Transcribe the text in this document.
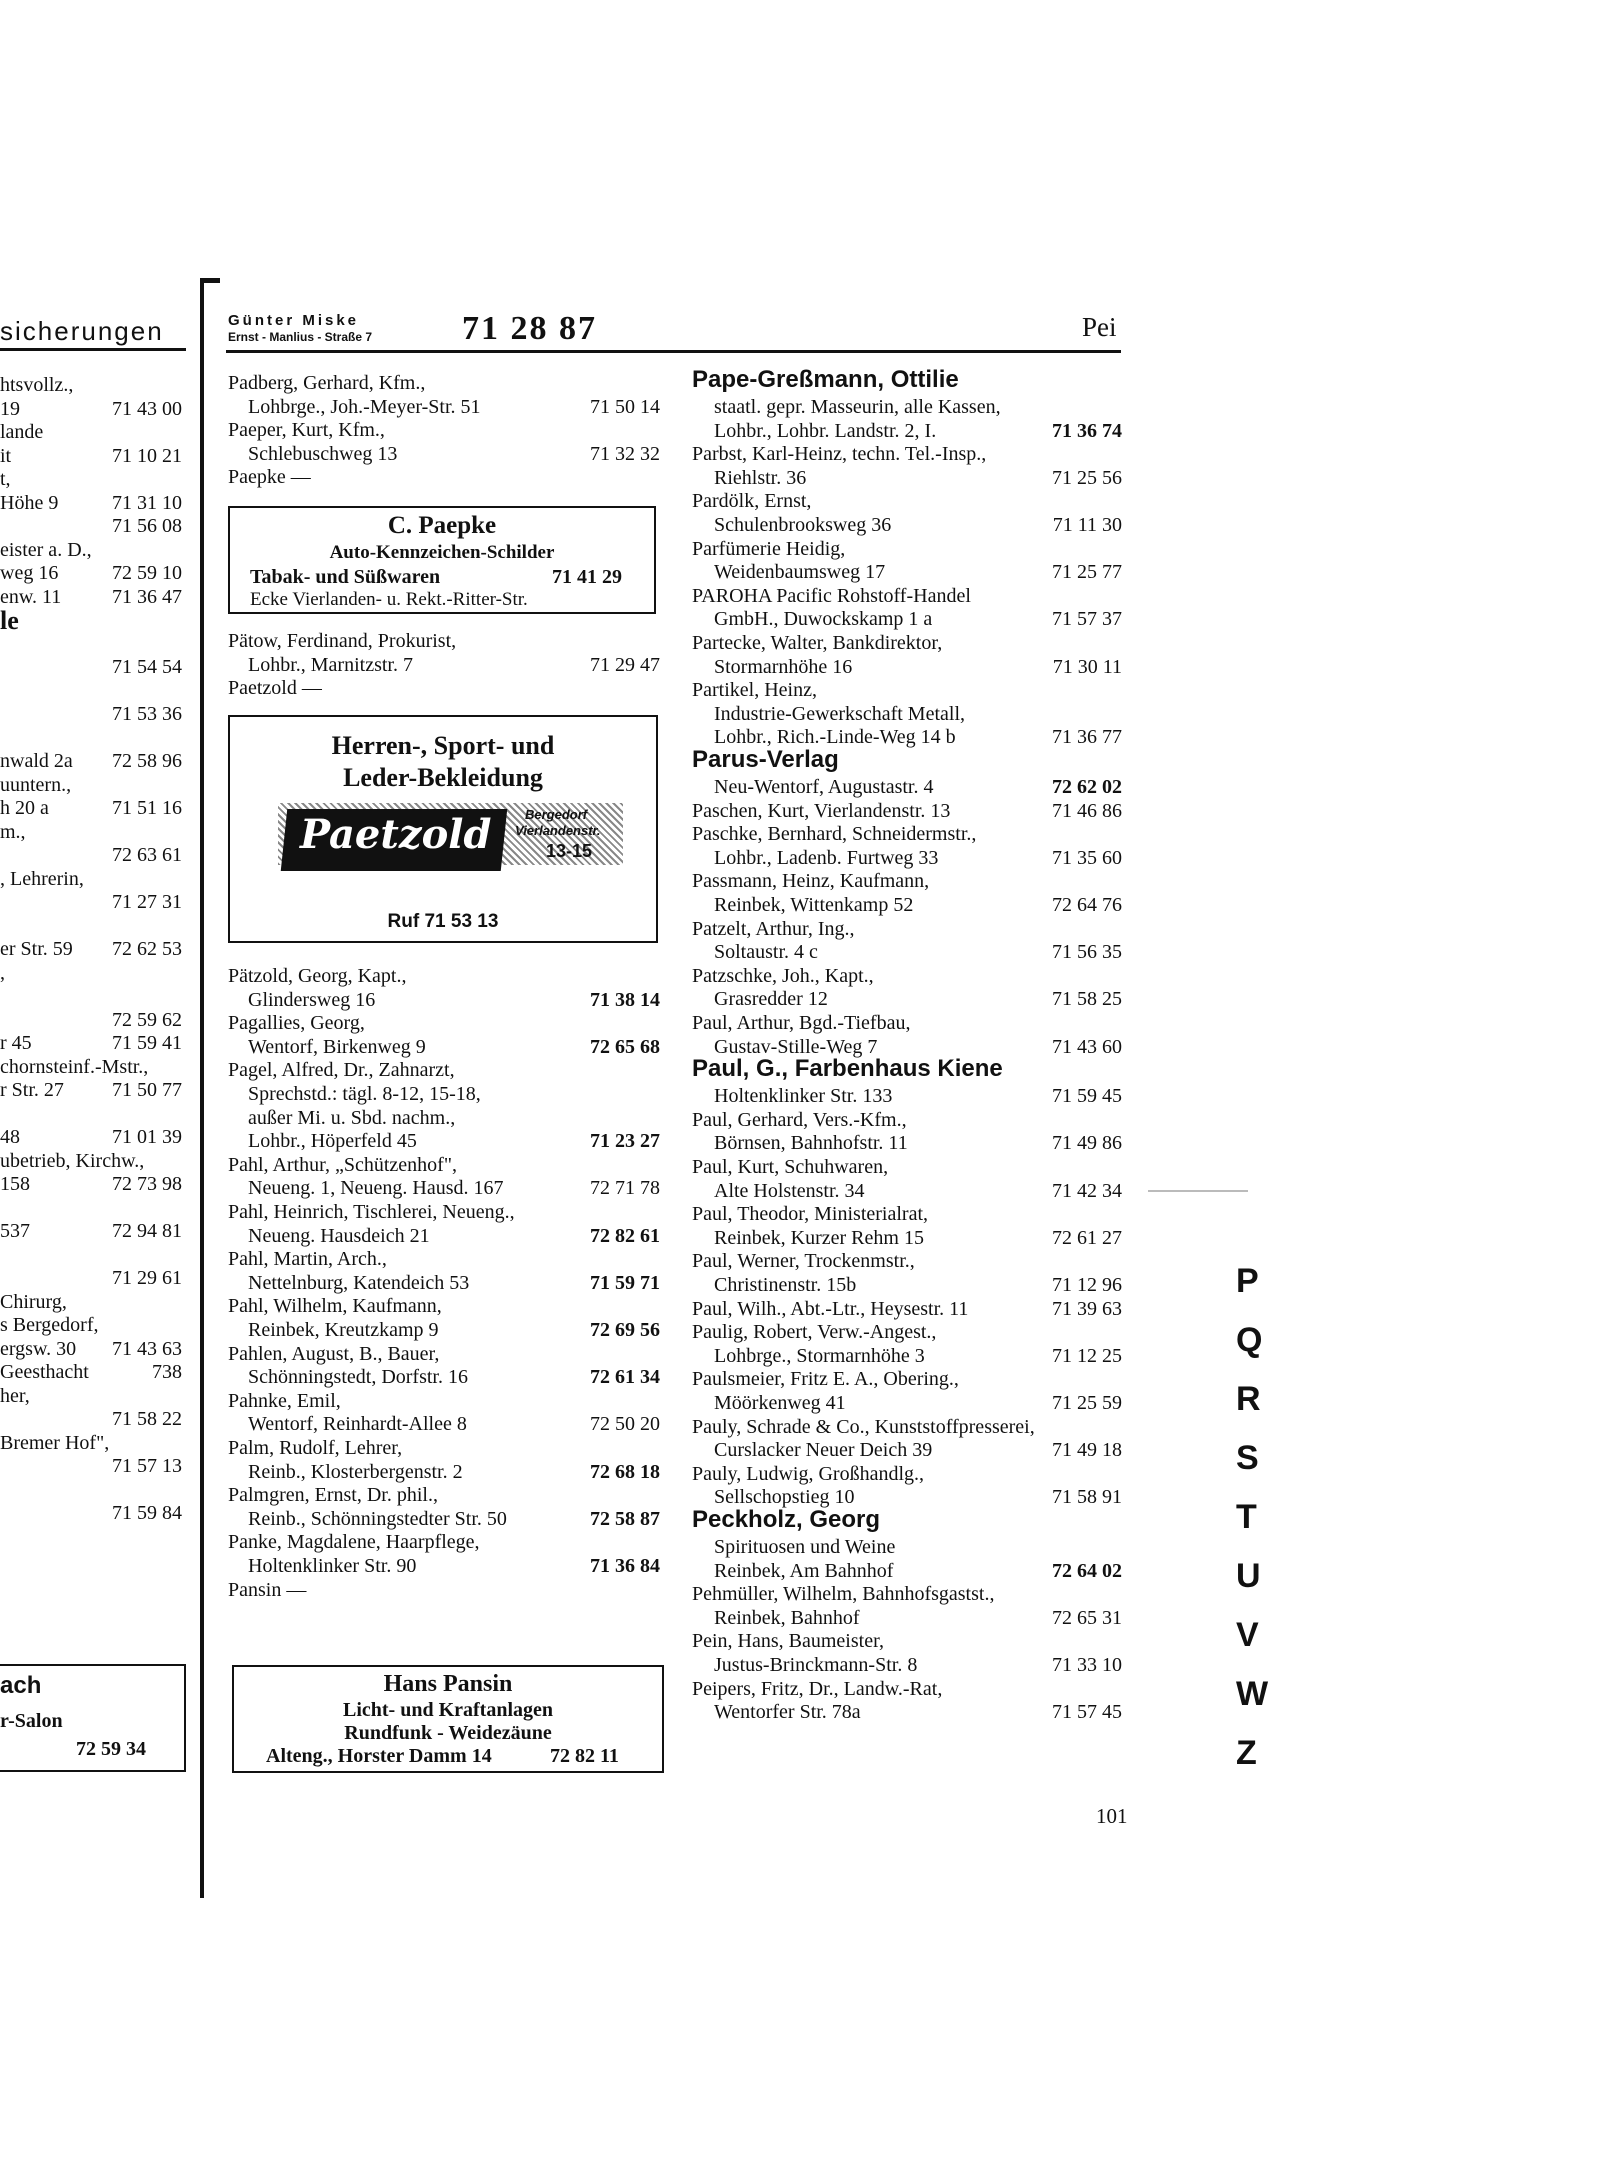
sicherungen	Günter Miske
Ernst - Manlius - Straße 7	71 28 87	Pei
htsvollz.,
19	71 43 00
lande
it	71 10 21
t,
Höhe 9	71 31 10
71 56 08
eister a. D.,
weg 16	72 59 10
enw. 11	71 36 47
le
71 54 54
71 53 36
nwald 2a	72 58 96
uuntern.,
h 20 a	71 51 16
m.,
72 63 61
, Lehrerin,
71 27 31
er Str. 59	72 62 53
,
72 59 62
r 45	71 59 41
chornsteinf.-Mstr.,
r Str. 27	71 50 77
48	71 01 39
ubetrieb, Kirchw.,
158	72 73 98
537	72 94 81
71 29 61
Chirurg,
s Bergedorf,
ergsw. 30	71 43 63
Geesthacht	738
her,
71 58 22
Bremer Hof",
71 57 13
71 59 84
ach
r-Salon
72 59 34
Padberg, Gerhard, Kfm.,
Lohbrge., Joh.-Meyer-Str. 51	71 50 14
Paeper, Kurt, Kfm.,
Schlebuschweg 13	71 32 32
Paepke —
C. Paepke
Auto-Kennzeichen-Schilder
Tabak- und Süßwaren	71 41 29
Ecke Vierlanden- u. Rekt.-Ritter-Str.
Pätow, Ferdinand, Prokurist,
Lohbr., Marnitzstr. 7	71 29 47
Paetzold —
Herren-, Sport- und
Leder-Bekleidung
Paetzold	Bergedorf
Vierlandenstr.
13-15
Ruf 71 53 13
Pätzold, Georg, Kapt.,
Glindersweg 16	71 38 14
Pagallies, Georg,
Wentorf, Birkenweg 9	72 65 68
Pagel, Alfred, Dr., Zahnarzt,
Sprechstd.: tägl. 8-12, 15-18,
außer Mi. u. Sbd. nachm.,
Lohbr., Höperfeld 45	71 23 27
Pahl, Arthur, „Schützenhof",
Neueng. 1, Neueng. Hausd. 167	72 71 78
Pahl, Heinrich, Tischlerei, Neueng.,
Neueng. Hausdeich 21	72 82 61
Pahl, Martin, Arch.,
Nettelnburg, Katendeich 53	71 59 71
Pahl, Wilhelm, Kaufmann,
Reinbek, Kreutzkamp 9	72 69 56
Pahlen, August, B., Bauer,
Schönningstedt, Dorfstr. 16	72 61 34
Pahnke, Emil,
Wentorf, Reinhardt-Allee 8	72 50 20
Palm, Rudolf, Lehrer,
Reinb., Klosterbergenstr. 2	72 68 18
Palmgren, Ernst, Dr. phil.,
Reinb., Schönningstedter Str. 50	72 58 87
Panke, Magdalene, Haarpflege,
Holtenklinker Str. 90	71 36 84
Pansin —
Hans Pansin
Licht- und Kraftanlagen
Rundfunk - Weidezäune
Alteng., Horster Damm 14	72 82 11
Pape-Greßmann, Ottilie
staatl. gepr. Masseurin, alle Kassen,
Lohbr., Lohbr. Landstr. 2, I.	71 36 74
Parbst, Karl-Heinz, techn. Tel.-Insp.,
Riehlstr. 36	71 25 56
Pardölk, Ernst,
Schulenbrooksweg 36	71 11 30
Parfümerie Heidig,
Weidenbaumsweg 17	71 25 77
PAROHA Pacific Rohstoff-Handel
GmbH., Duwockskamp 1 a	71 57 37
Partecke, Walter, Bankdirektor,
Stormarnhöhe 16	71 30 11
Partikel, Heinz,
Industrie-Gewerkschaft Metall,
Lohbr., Rich.-Linde-Weg 14 b	71 36 77
Parus-Verlag
Neu-Wentorf, Augustastr. 4	72 62 02
Paschen, Kurt, Vierlandenstr. 13	71 46 86
Paschke, Bernhard, Schneidermstr.,
Lohbr., Ladenb. Furtweg 33	71 35 60
Passmann, Heinz, Kaufmann,
Reinbek, Wittenkamp 52	72 64 76
Patzelt, Arthur, Ing.,
Soltaustr. 4 c	71 56 35
Patzschke, Joh., Kapt.,
Grasredder 12	71 58 25
Paul, Arthur, Bgd.-Tiefbau,
Gustav-Stille-Weg 7	71 43 60
Paul, G., Farbenhaus Kiene
Holtenklinker Str. 133	71 59 45
Paul, Gerhard, Vers.-Kfm.,
Börnsen, Bahnhofstr. 11	71 49 86
Paul, Kurt, Schuhwaren,
Alte Holstenstr. 34	71 42 34
Paul, Theodor, Ministerialrat,
Reinbek, Kurzer Rehm 15	72 61 27
Paul, Werner, Trockenmstr.,
Christinenstr. 15b	71 12 96
Paul, Wilh., Abt.-Ltr., Heysestr. 11	71 39 63
Paulig, Robert, Verw.-Angest.,
Lohbrge., Stormarnhöhe 3	71 12 25
Paulsmeier, Fritz E. A., Obering.,
Möörkenweg 41	71 25 59
Pauly, Schrade & Co., Kunststoffpresserei,
Curslacker Neuer Deich 39	71 49 18
Pauly, Ludwig, Großhandlg.,
Sellschopstieg 10	71 58 91
Peckholz, Georg
Spirituosen und Weine
Reinbek, Am Bahnhof	72 64 02
Pehmüller, Wilhelm, Bahnhofsgastst.,
Reinbek, Bahnhof	72 65 31
Pein, Hans, Baumeister,
Justus-Brinckmann-Str. 8	71 33 10
Peipers, Fritz, Dr., Landw.-Rat,
Wentorfer Str. 78a	71 57 45
101
P
Q
R
S
T
U
V
W
Z
